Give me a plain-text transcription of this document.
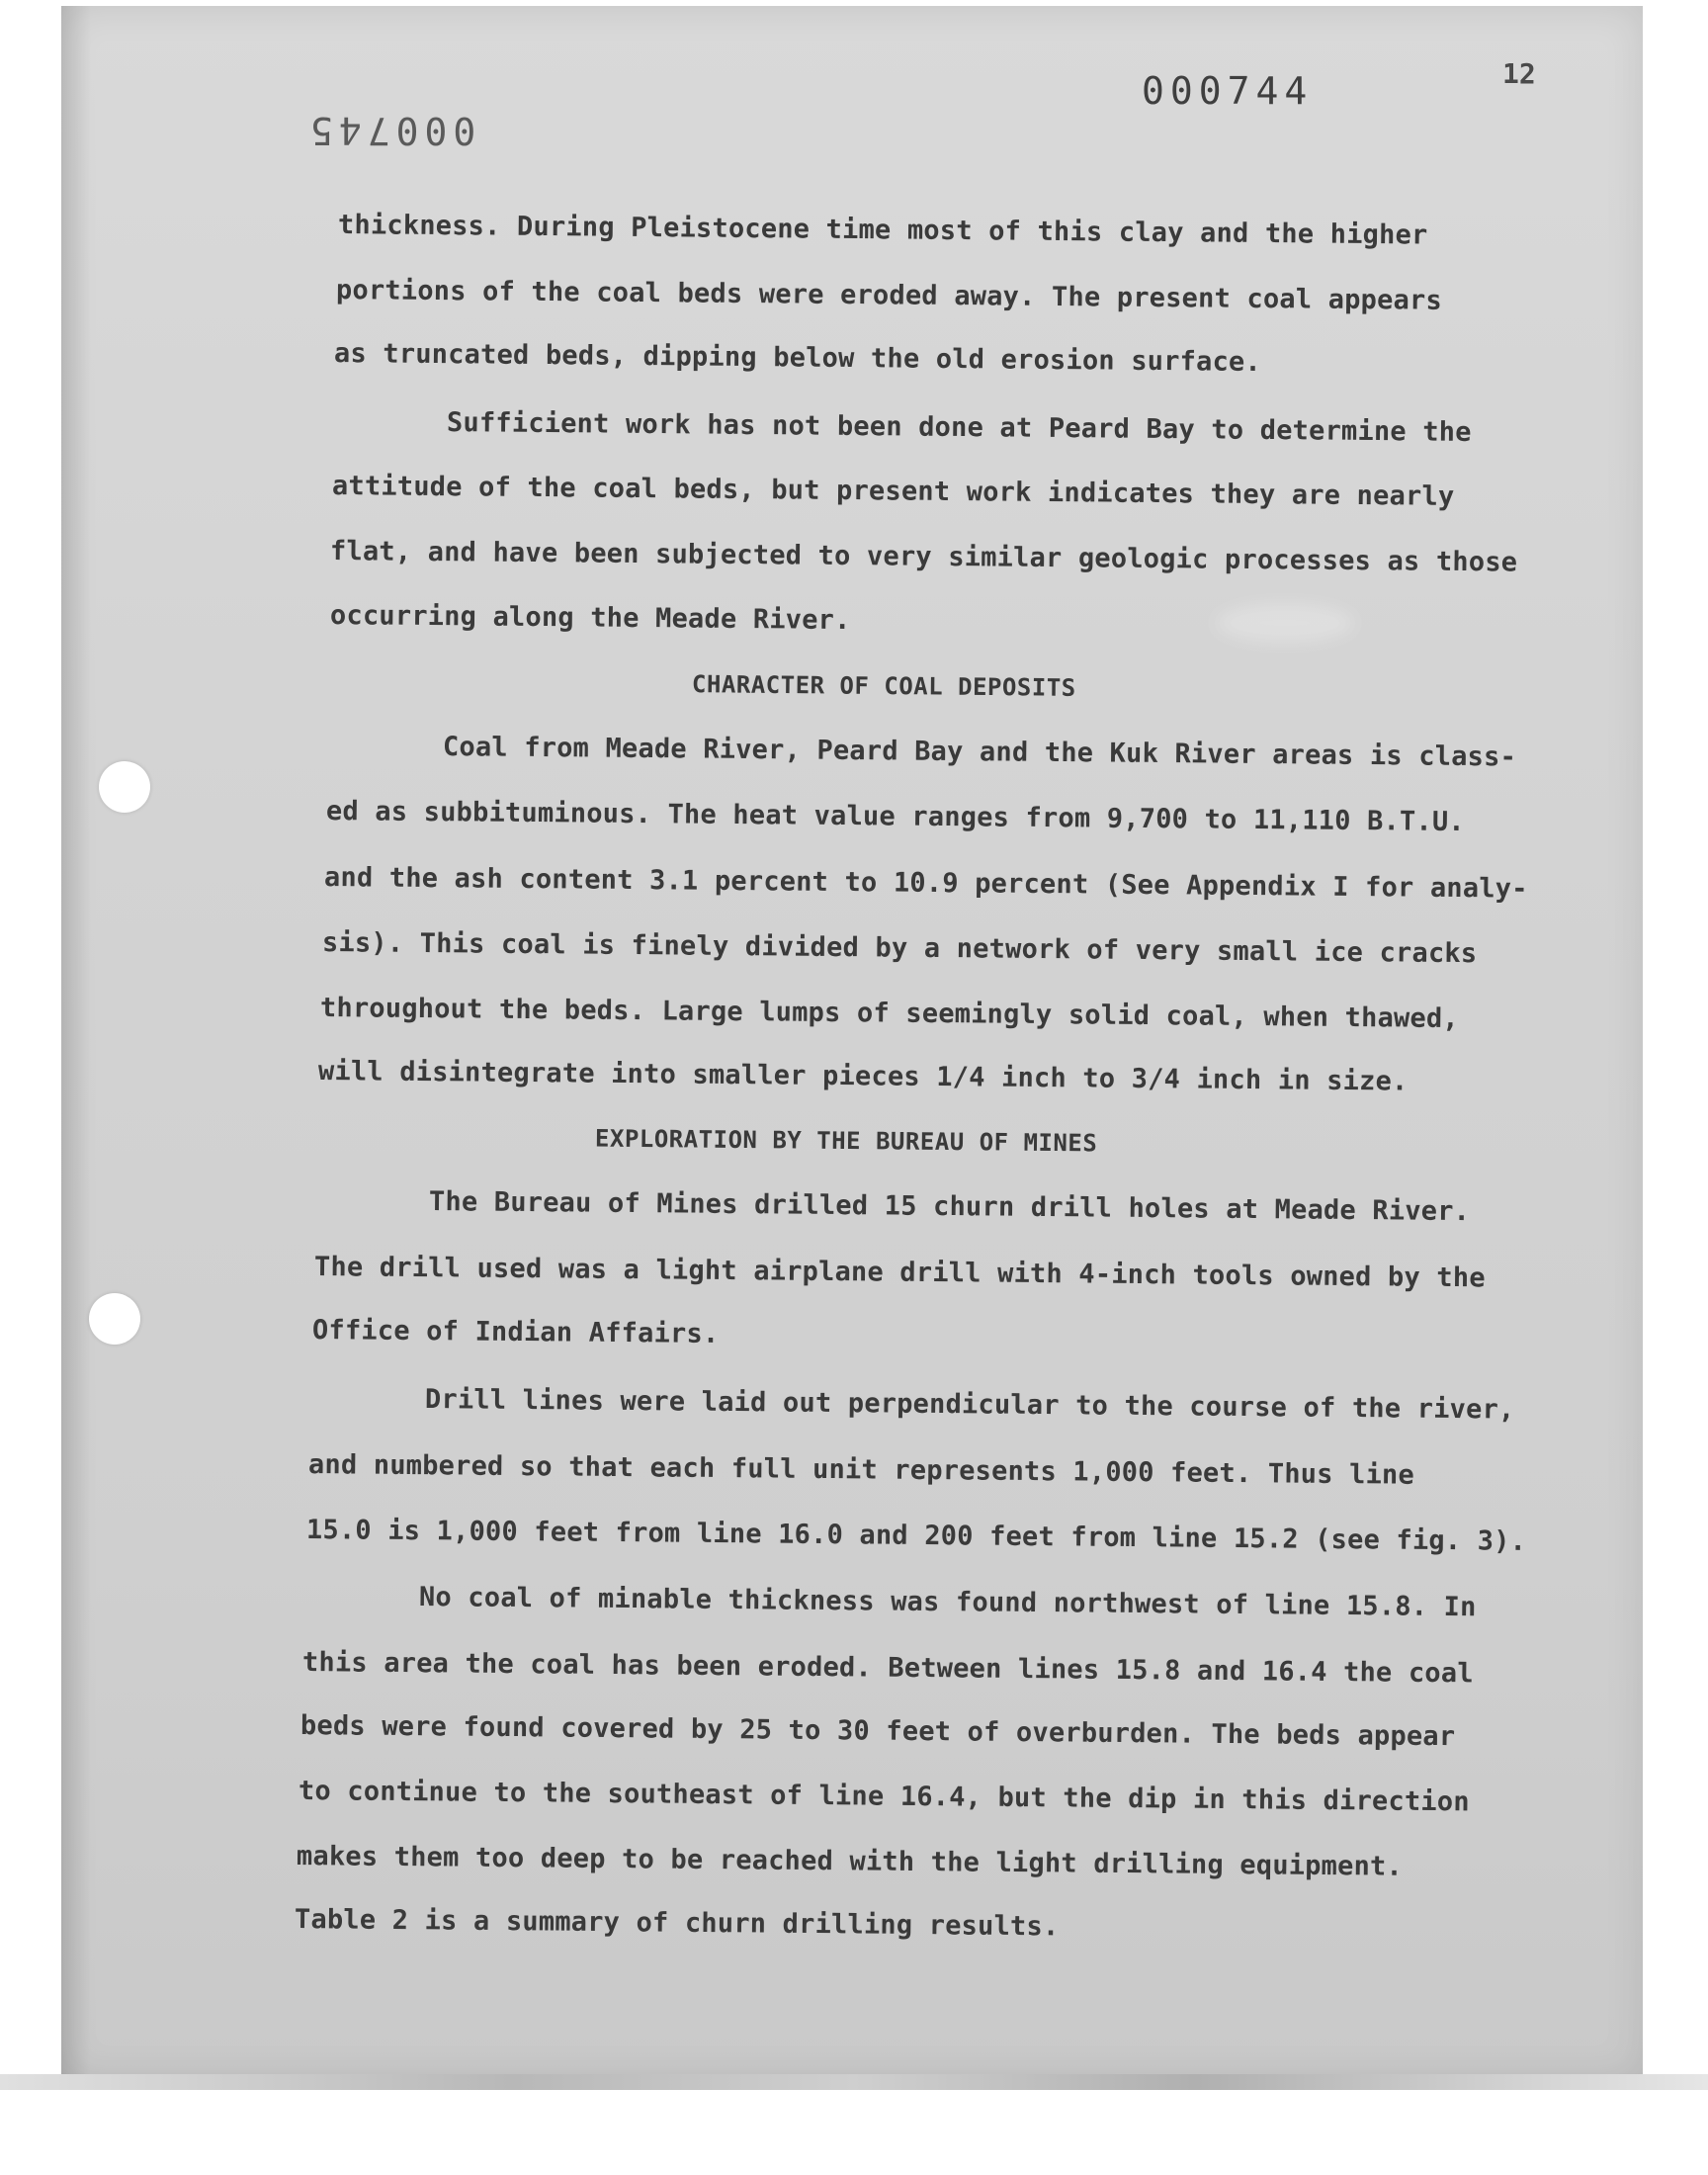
12
000744
000745
thickness. During Pleistocene time most of this clay and the higher
portions of the coal beds were eroded away. The present coal appears
as truncated beds, dipping below the old erosion surface.
Sufficient work has not been done at Peard Bay to determine the
attitude of the coal beds, but present work indicates they are nearly
flat, and have been subjected to very similar geologic processes as those
occurring along the Meade River.
CHARACTER OF COAL DEPOSITS
Coal from Meade River, Peard Bay and the Kuk River areas is class-
ed as subbituminous. The heat value ranges from 9,700 to 11,110 B.T.U.
and the ash content 3.1 percent to 10.9 percent (See Appendix I for analy-
sis). This coal is finely divided by a network of very small ice cracks
throughout the beds. Large lumps of seemingly solid coal, when thawed,
will disintegrate into smaller pieces 1/4 inch to 3/4 inch in size.
EXPLORATION BY THE BUREAU OF MINES
The Bureau of Mines drilled 15 churn drill holes at Meade River.
The drill used was a light airplane drill with 4-inch tools owned by the
Office of Indian Affairs.
Drill lines were laid out perpendicular to the course of the river,
and numbered so that each full unit represents 1,000 feet. Thus line
15.0 is 1,000 feet from line 16.0 and 200 feet from line 15.2 (see fig. 3).
No coal of minable thickness was found northwest of line 15.8. In
this area the coal has been eroded. Between lines 15.8 and 16.4 the coal
beds were found covered by 25 to 30 feet of overburden. The beds appear
to continue to the southeast of line 16.4, but the dip in this direction
makes them too deep to be reached with the light drilling equipment.
Table 2 is a summary of churn drilling results.
